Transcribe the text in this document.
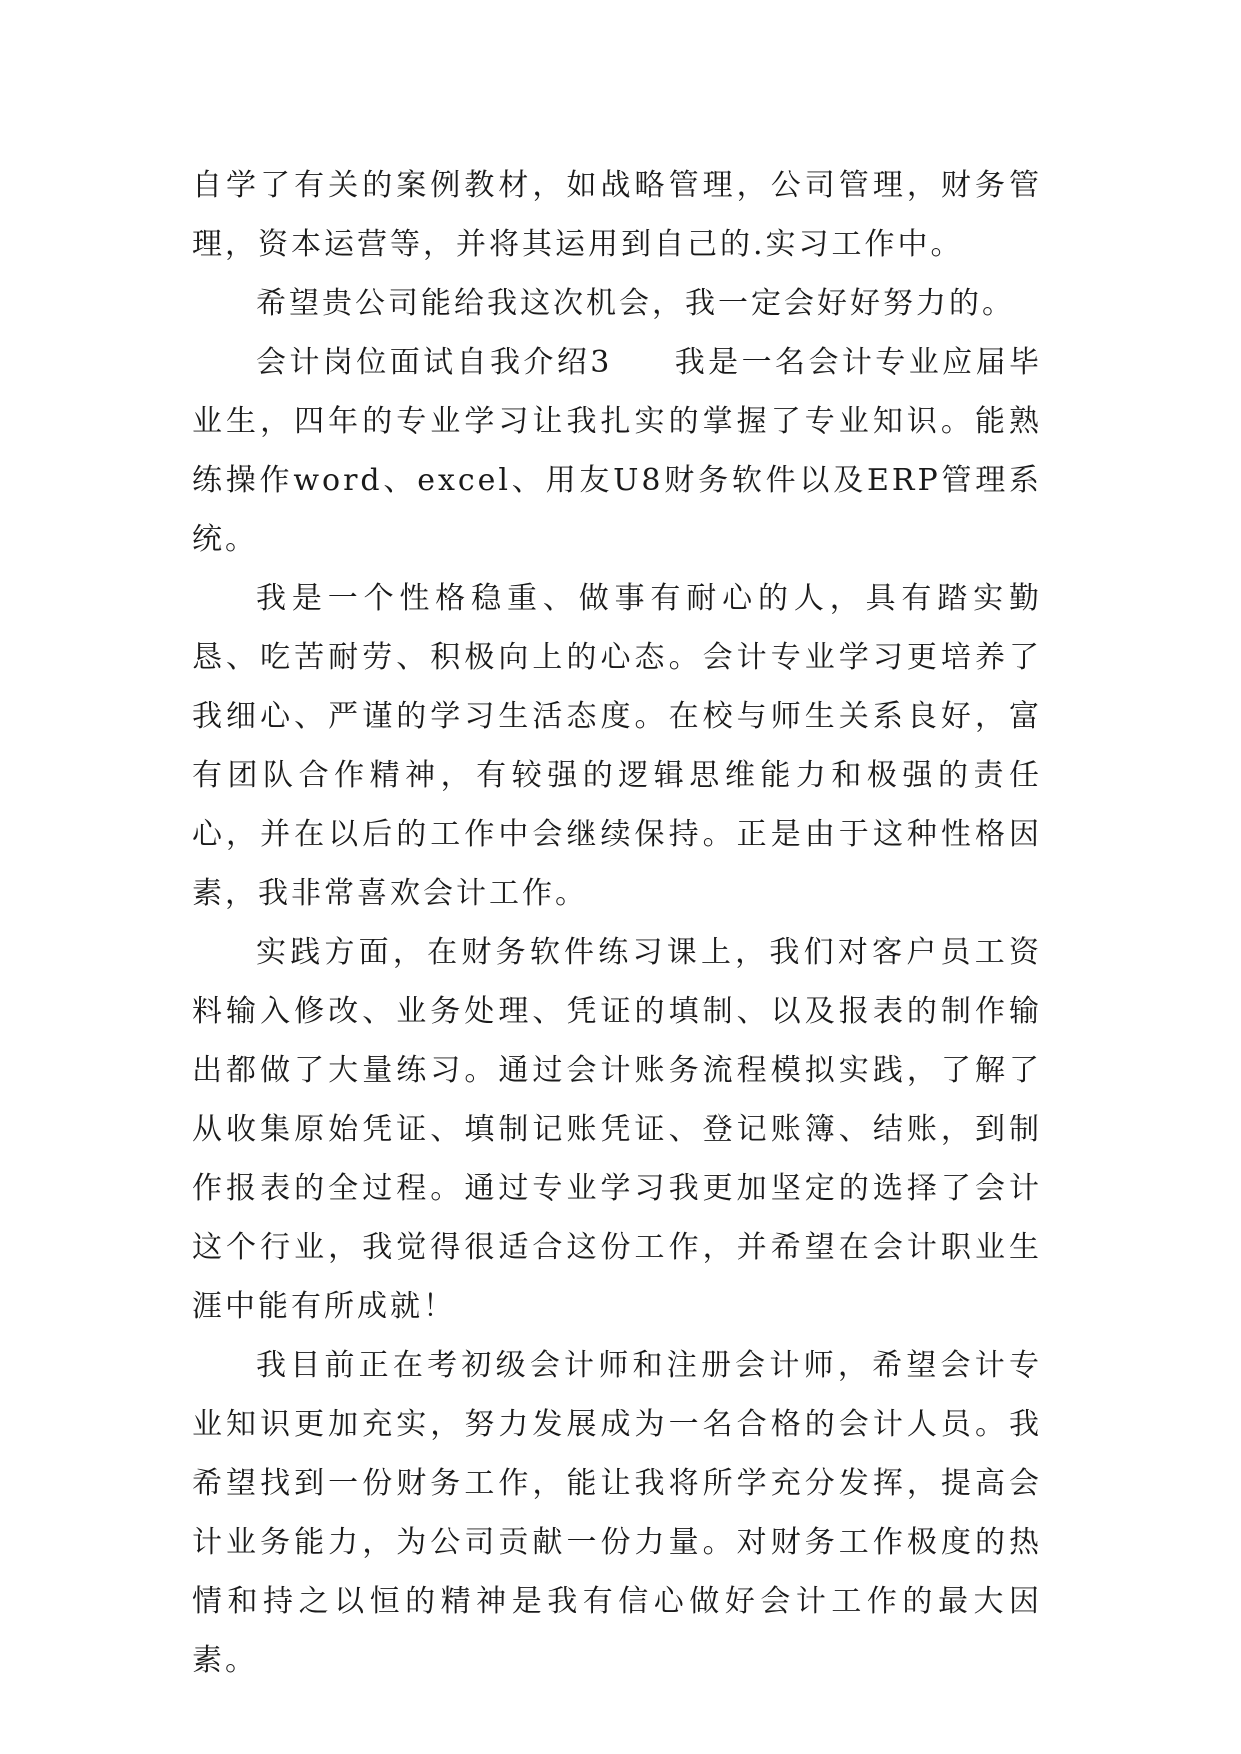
自学了有关的案例教材，如战略管理，公司管理，财务管理，资本运营等，并将其运用到自己的.实习工作中。

希望贵公司能给我这次机会，我一定会好好努力的。

会计岗位面试自我介绍3 我是一名会计专业应届毕业生，四年的专业学习让我扎实的掌握了专业知识。能熟练操作word、excel、用友U8财务软件以及ERP管理系统。

我是一个性格稳重、做事有耐心的人，具有踏实勤恳、吃苦耐劳、积极向上的心态。会计专业学习更培养了我细心、严谨的学习生活态度。在校与师生关系良好，富有团队合作精神，有较强的逻辑思维能力和极强的责任心，并在以后的工作中会继续保持。正是由于这种性格因素，我非常喜欢会计工作。

实践方面，在财务软件练习课上，我们对客户员工资料输入修改、业务处理、凭证的填制、以及报表的制作输出都做了大量练习。通过会计账务流程模拟实践，了解了从收集原始凭证、填制记账凭证、登记账簿、结账，到制作报表的全过程。通过专业学习我更加坚定的选择了会计这个行业，我觉得很适合这份工作，并希望在会计职业生涯中能有所成就！

我目前正在考初级会计师和注册会计师，希望会计专业知识更加充实，努力发展成为一名合格的会计人员。我希望找到一份财务工作，能让我将所学充分发挥，提高会计业务能力，为公司贡献一份力量。对财务工作极度的热情和持之以恒的精神是我有信心做好会计工作的最大因素。
